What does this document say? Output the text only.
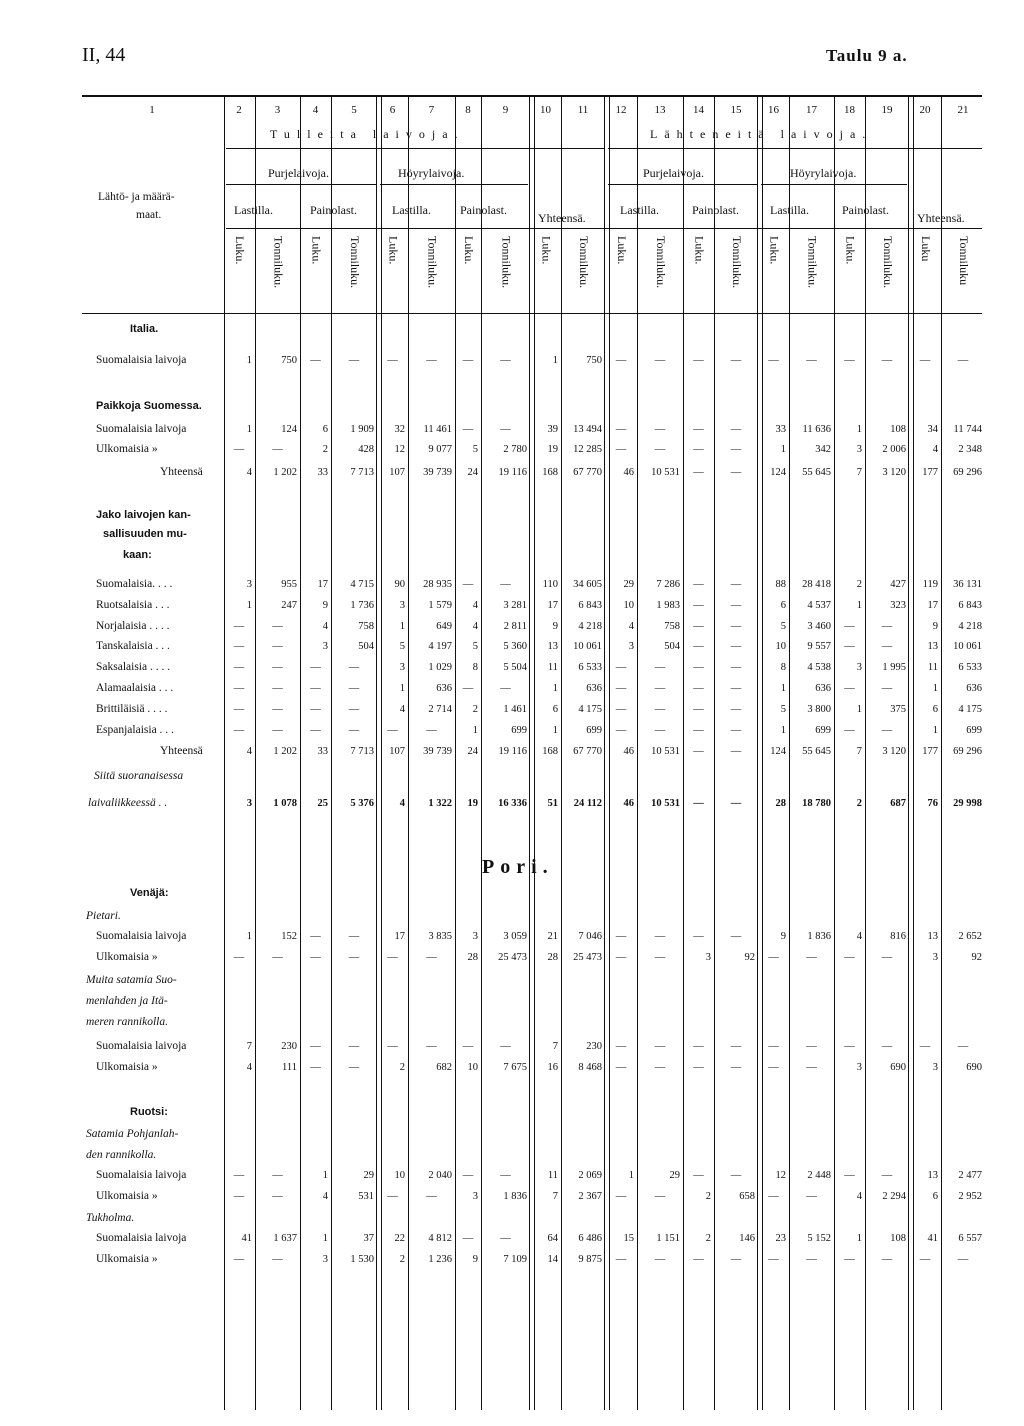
II, 44	Taulu 9 a.
1	2	3	4	5	6	7	8	9	10	11	12	13	14	15	16	17	18	19	20	21
Tulleita laivoja.	Lähteneitä laivoja.
Lähtö- ja määrä-
maat.
Purjelaivoja.	Höyrylaivoja.	Purjelaivoja.	Höyrylaivoja.
Yhteensä.	Yhteensä.
Lastilla.	Painolast.	Lastilla. Painolast.	Lastilla.	Painolast.	Lastilla.	Painolast.
Luku. Tonniluku. Luku. Tonniluku. Luku. Tonniluku. Luku. Tonniluku. Luku. Tonniluku. Luku. Tonniluku. Luku. Tonniluku. Luku. Tonniluku. Luku. Tonniluku. Luku Tonniluku
Pori.
Italia.
Suomalaisia laivoja	1	750	—	—	—	—	—	—	1	750	—	—	—	—	—	—	—	—	—	—
Paikkoja Suomessa.
Suomalaisia laivoja	1	124	6	1 909	32	11 461	—	—	39	13 494	—	—	—	—	33	11 636	1	108	34	11 744
Ulkomaisia »	—	—	2	428	12	9 077	5	2 780	19	12 285	—	—	—	—	1	342	3	2 006	4	2 348
Yhteensä	4	1 202	33	7 713	107	39 739	24	19 116	168	67 770	46	10 531	—	—	124	55 645	7	3 120	177	69 296
Jako laivojen kan-
sallisuuden mu-
kaan:
Suomalaisia. . . .	3	955	17	4 715	90	28 935	—	—	110	34 605	29	7 286	—	—	88	28 418	2	427	119	36 131
Ruotsalaisia . . .	1	247	9	1 736	3	1 579	4	3 281	17	6 843	10	1 983	—	—	6	4 537	1	323	17	6 843
Norjalaisia . . . .	—	—	4	758	1	649	4	2 811	9	4 218	4	758	—	—	5	3 460	—	—	9	4 218
Tanskalaisia . . .	—	—	3	504	5	4 197	5	5 360	13	10 061	3	504	—	—	10	9 557	—	—	13	10 061
Saksalaisia . . . .	—	—	—	—	3	1 029	8	5 504	11	6 533	—	—	—	—	8	4 538	3	1 995	11	6 533
Alamaalaisia . . .	—	—	—	—	1	636	—	—	1	636	—	—	—	—	1	636	—	—	1	636
Brittiläisiä . . . .	—	—	—	—	4	2 714	2	1 461	6	4 175	—	—	—	—	5	3 800	1	375	6	4 175
Espanjalaisia . . .	—	—	—	—	—	—	1	699	1	699	—	—	—	—	1	699	—	—	1	699
Yhteensä	4	1 202	33	7 713	107	39 739	24	19 116	168	67 770	46	10 531	—	—	124	55 645	7	3 120	177	69 296
Siitä suoranaisessa
laivaliikkeessä . .	3	1 078	25	5 376	4	1 322	19	16 336	51	24 112	46	10 531	—	—	28	18 780	2	687	76	29 998
Venäjä:
Pietari.
Suomalaisia laivoja	1	152	—	—	17	3 835	3	3 059	21	7 046	—	—	—	—	9	1 836	4	816	13	2 652
Ulkomaisia »	—	—	—	—	—	—	28	25 473	28	25 473	—	—	3	92	—	—	—	—	3	92
Muita satamia Suo-
menlahden ja Itä-
meren rannikolla.
Suomalaisia laivoja	7	230	—	—	—	—	—	—	7	230	—	—	—	—	—	—	—	—	—	—
Ulkomaisia »	4	111	—	—	2	682	10	7 675	16	8 468	—	—	—	—	—	—	3	690	3	690
Ruotsi:
Satamia Pohjanlah-
den rannikolla.
Suomalaisia laivoja	—	—	1	29	10	2 040	—	—	11	2 069	1	29	—	—	12	2 448	—	—	13	2 477
Ulkomaisia »	—	—	4	531	—	—	3	1 836	7	2 367	—	—	2	658	—	—	4	2 294	6	2 952
Tukholma.
Suomalaisia laivoja	41	1 637	1	37	22	4 812	—	—	64	6 486	15	1 151	2	146	23	5 152	1	108	41	6 557
Ulkomaisia »	—	—	3	1 530	2	1 236	9	7 109	14	9 875	—	—	—	—	—	—	—	—	—	—
